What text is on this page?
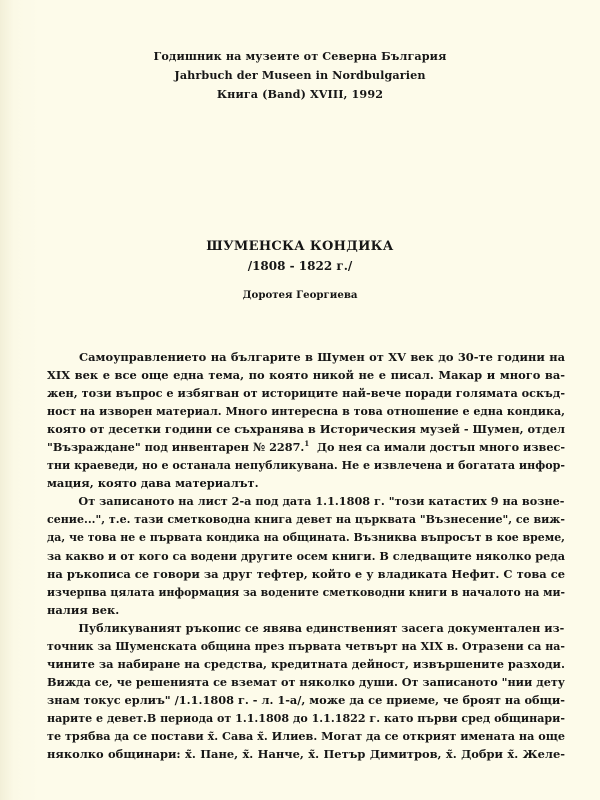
Годишник на музеите от Северна България
Jahrbuch der Museen in Nordbulgarien
Книга (Band) XVIII, 1992
ШУМЕНСКА КОНДИКА
/1808 - 1822 г./
Доротея Георгиева
Самоуправлението на българите в Шумен от XV век до 30-те години на
XIX век е все още една тема, по която никой не е писал. Макар и много ва-
жен, този въпрос е избягван от историците най-вече поради голямата оскъд-
ност на изворен материал. Много интересна в това отношение е една кондика,
която от десетки години се съхранява в Историческия музей - Шумен, отдел
"Възраждане" под инвентарен № 2287.$^1$  До нея са имали достъп много извес-
тни краеведи, но е останала непубликувана. Не е извлечена и богатата инфор-
мация, която дава материалът.
От записаното на лист 2-а под дата 1.1.1808 г. "този катастих 9 на возне-
сение...", т.е. тази сметководна книга девет на църквата "Възнесение", се виж-
да, че това не е първата кондика на общината. Възниква въпросът в кое време,
за какво и от кого са водени другите осем книги. В следващите няколко реда
на ръкописа се говори за друг тефтер, който е у владиката Нефит. С това се
изчерпва цялата информация за водените сметководни книги в началото на ми-
налия век.
Публикуваният ръкопис се явява единственият засега документален из-
точник за Шуменската община през първата четвърт на XIX в. Отразени са на-
чините за набиране на средства, кредитната дейност, извършените разходи.
Вижда се, че решенията се вземат от няколко души. От записаното "нии дету
знам токус ерлиъ" /1.1.1808 г. - л. 1-а/, може да се приеме, че броят на общи-
нарите е девет.В периода от 1.1.1808 до 1.1.1822 г. като първи сред общинари-
те трябва да се постави х̃. Сава х̃. Илиев. Могат да се открият имената на още
няколко общинари: х̃. Пане, х̃. Нанче, х̃. Петър Димитров, х̃. Добри х̃. Желе-
